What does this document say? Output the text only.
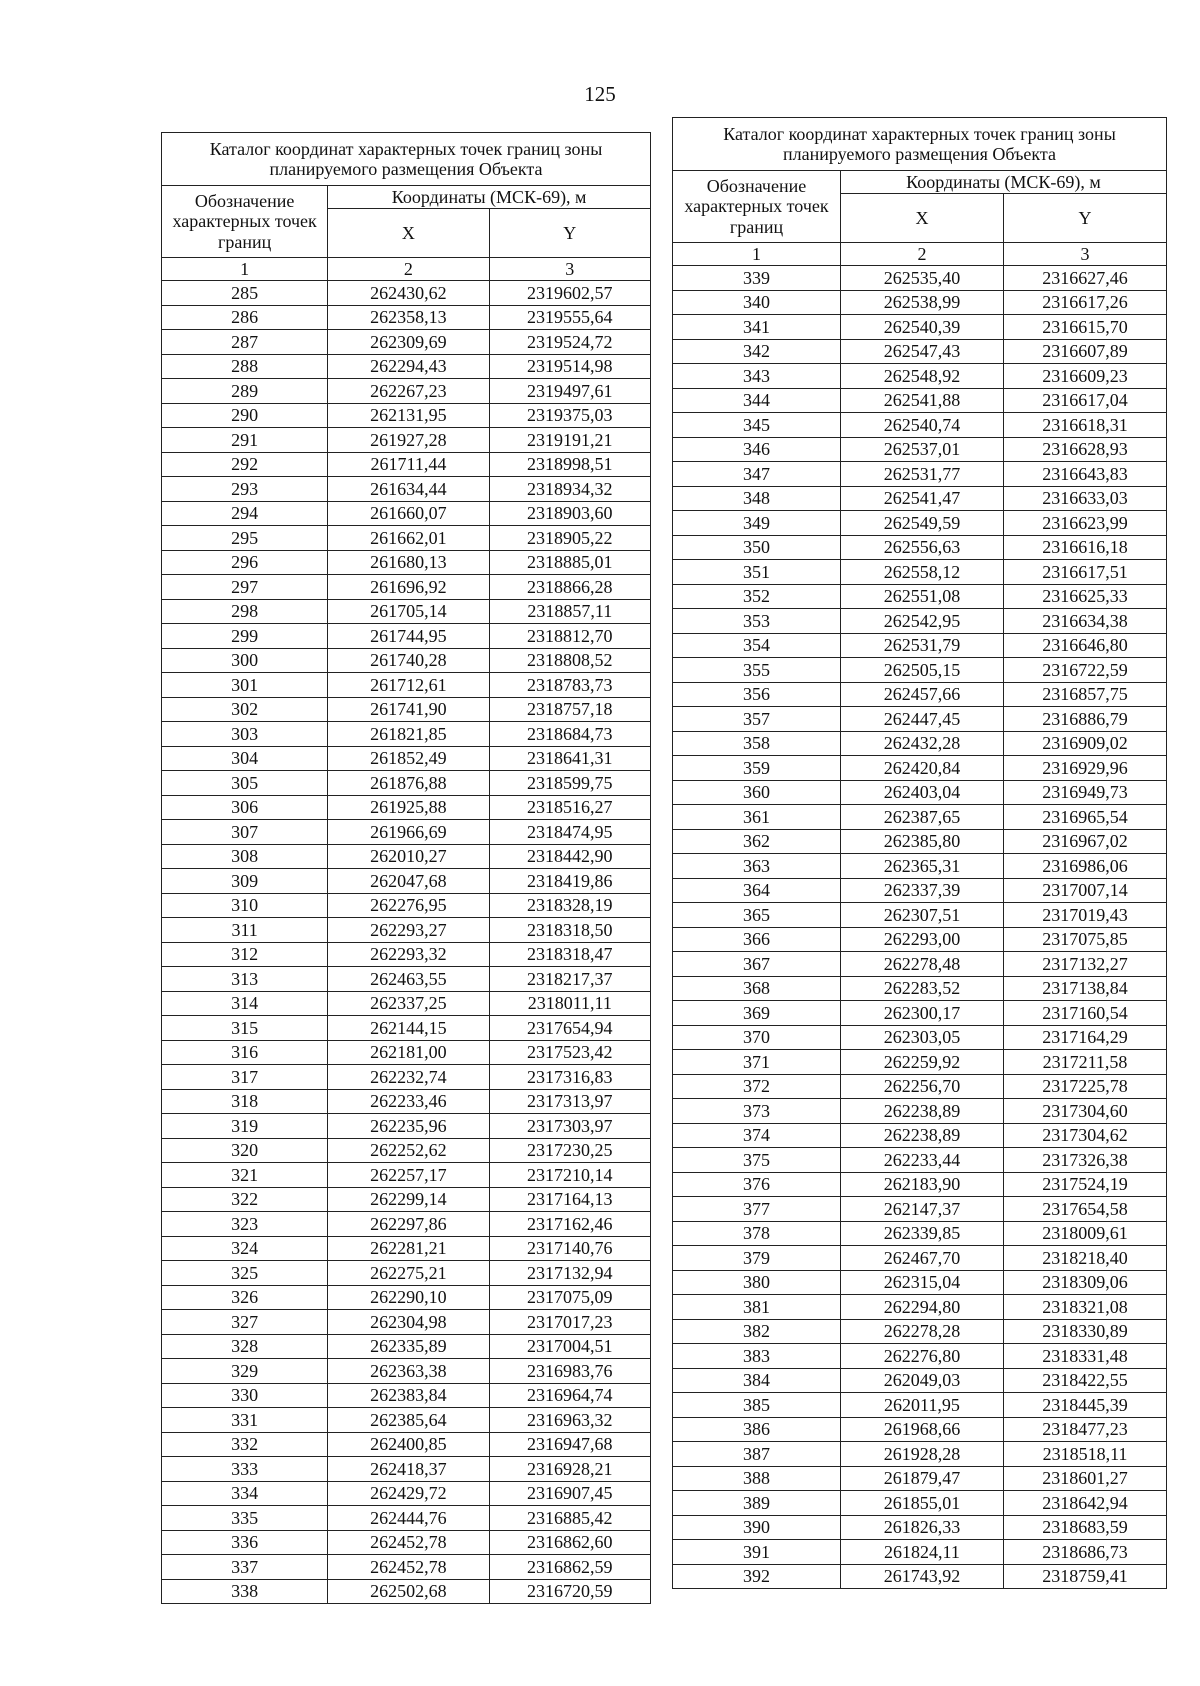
125
Каталог координат характерных точек границ зоны планируемого размещения Объекта		
Обозначение характерных точек границ	Координаты (МСК-69), м	
	X	Y
1	2	3
285	262430,62	2319602,57
286	262358,13	2319555,64
287	262309,69	2319524,72
288	262294,43	2319514,98
289	262267,23	2319497,61
290	262131,95	2319375,03
291	261927,28	2319191,21
292	261711,44	2318998,51
293	261634,44	2318934,32
294	261660,07	2318903,60
295	261662,01	2318905,22
296	261680,13	2318885,01
297	261696,92	2318866,28
298	261705,14	2318857,11
299	261744,95	2318812,70
300	261740,28	2318808,52
301	261712,61	2318783,73
302	261741,90	2318757,18
303	261821,85	2318684,73
304	261852,49	2318641,31
305	261876,88	2318599,75
306	261925,88	2318516,27
307	261966,69	2318474,95
308	262010,27	2318442,90
309	262047,68	2318419,86
310	262276,95	2318328,19
311	262293,27	2318318,50
312	262293,32	2318318,47
313	262463,55	2318217,37
314	262337,25	2318011,11
315	262144,15	2317654,94
316	262181,00	2317523,42
317	262232,74	2317316,83
318	262233,46	2317313,97
319	262235,96	2317303,97
320	262252,62	2317230,25
321	262257,17	2317210,14
322	262299,14	2317164,13
323	262297,86	2317162,46
324	262281,21	2317140,76
325	262275,21	2317132,94
326	262290,10	2317075,09
327	262304,98	2317017,23
328	262335,89	2317004,51
329	262363,38	2316983,76
330	262383,84	2316964,74
331	262385,64	2316963,32
332	262400,85	2316947,68
333	262418,37	2316928,21
334	262429,72	2316907,45
335	262444,76	2316885,42
336	262452,78	2316862,60
337	262452,78	2316862,59
338	262502,68	2316720,59
Каталог координат характерных точек границ зоны планируемого размещения Объекта		
Обозначение характерных точек границ	Координаты (МСК-69), м	
	X	Y
1	2	3
339	262535,40	2316627,46
340	262538,99	2316617,26
341	262540,39	2316615,70
342	262547,43	2316607,89
343	262548,92	2316609,23
344	262541,88	2316617,04
345	262540,74	2316618,31
346	262537,01	2316628,93
347	262531,77	2316643,83
348	262541,47	2316633,03
349	262549,59	2316623,99
350	262556,63	2316616,18
351	262558,12	2316617,51
352	262551,08	2316625,33
353	262542,95	2316634,38
354	262531,79	2316646,80
355	262505,15	2316722,59
356	262457,66	2316857,75
357	262447,45	2316886,79
358	262432,28	2316909,02
359	262420,84	2316929,96
360	262403,04	2316949,73
361	262387,65	2316965,54
362	262385,80	2316967,02
363	262365,31	2316986,06
364	262337,39	2317007,14
365	262307,51	2317019,43
366	262293,00	2317075,85
367	262278,48	2317132,27
368	262283,52	2317138,84
369	262300,17	2317160,54
370	262303,05	2317164,29
371	262259,92	2317211,58
372	262256,70	2317225,78
373	262238,89	2317304,60
374	262238,89	2317304,62
375	262233,44	2317326,38
376	262183,90	2317524,19
377	262147,37	2317654,58
378	262339,85	2318009,61
379	262467,70	2318218,40
380	262315,04	2318309,06
381	262294,80	2318321,08
382	262278,28	2318330,89
383	262276,80	2318331,48
384	262049,03	2318422,55
385	262011,95	2318445,39
386	261968,66	2318477,23
387	261928,28	2318518,11
388	261879,47	2318601,27
389	261855,01	2318642,94
390	261826,33	2318683,59
391	261824,11	2318686,73
392	261743,92	2318759,41
